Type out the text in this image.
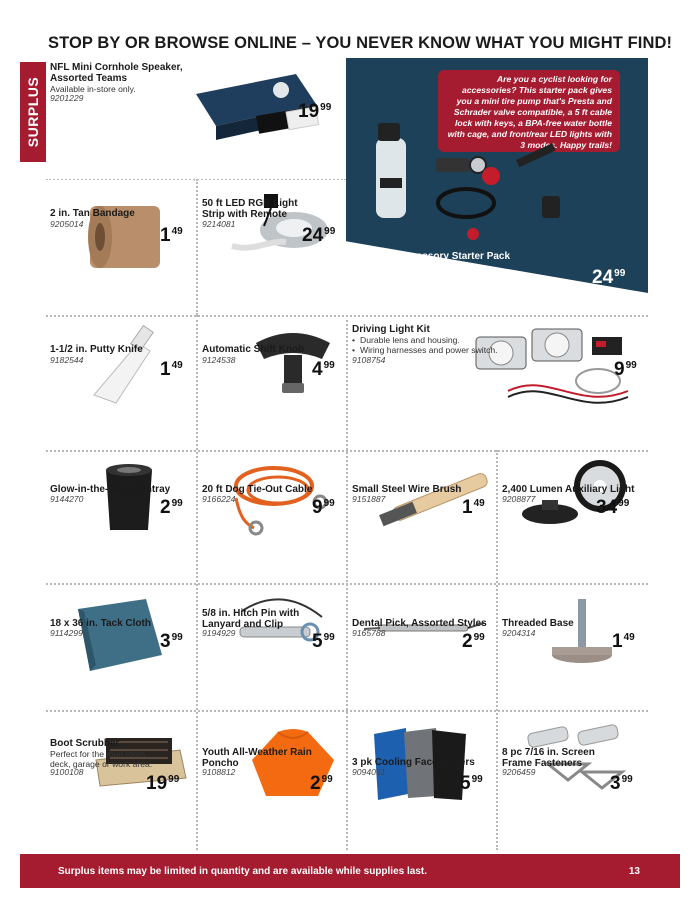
STOP BY OR BROWSE ONLINE – YOU NEVER KNOW WHAT YOU MIGHT FIND!
SURPLUS	Are you a cyclist looking for accessories? This starter pack gives you a mini tire pump that's Presta and Schrader valve compatible, a 5 ft cable lock with keys, a BPA-free water bottle with cage, and front/rear LED lights with 3 modes. Happy trails!
6 pc Bike Accessory Starter Pack
9155789	$24^{99}$
NFL Mini Cornhole Speaker, Assorted Teams
Available in-store only.
9201229
$19^{99}$
2 in. Tan Bandage
9205014
$1^{49}$
50 ft LED RGB Light Strip with Remote
9214081
$24^{99}$
1-1/2 in. Putty Knife
9182544	$1^{49}$
Automatic Shift Knob
9124538	$4^{99}$
Driving Light Kit
Durable lens and housing.
•
Wiring harnesses and power switch.
•
9108754	$9^{99}$
Glow-in-the-Dark Ashtray
9144270	$2^{99}$
20 ft Dog Tie-Out Cable
9166224	$9^{99}$
Small Steel Wire Brush
9151887	$1^{49}$
2,400 Lumen Auxiliary Light
9208877	$34^{99}$
18 x 36 in. Tack Cloth
9114299	$3^{99}$
5/8 in. Hitch Pin with Lanyard and Clip
9194929	$5^{99}$
Dental Pick, Assorted Styles
9165788	$2^{99}$
Threaded Base
9204314	$1^{49}$
Boot Scrubber
Perfect for the mud room, deck, garage or work area.
9100108
$19^{99}$
Youth All-Weather Rain Poncho
9108812
$2^{99}$
3 pk Cooling Face Gaiters
9094061
$5^{99}$
8 pc 7/16 in. Screen Frame Fasteners
9206459
$3^{99}$
Surplus items may be limited in quantity and are available while supplies last.	13
